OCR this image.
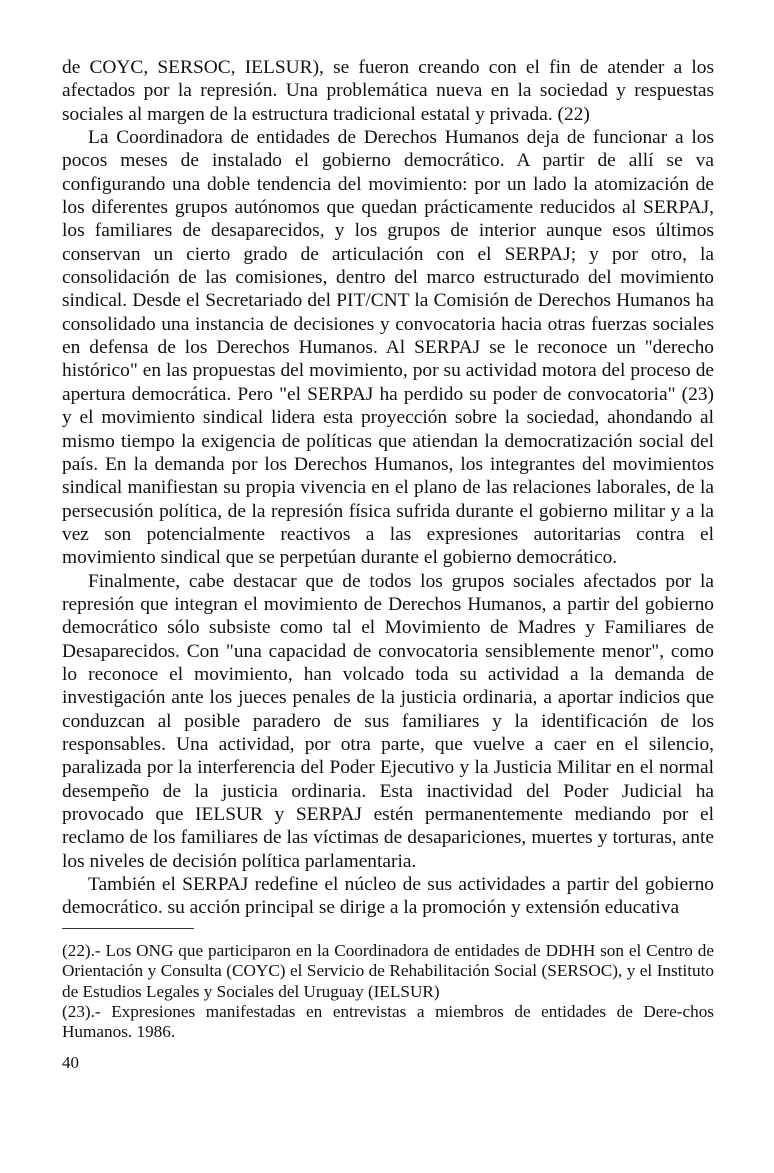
de COYC, SERSOC, IELSUR), se fueron creando con el fin de atender a los afectados por la represión. Una problemática nueva en la sociedad y respuestas sociales al margen de la estructura tradicional estatal y privada. (22)

La Coordinadora de entidades de Derechos Humanos deja de funcionar a los pocos meses de instalado el gobierno democrático. A partir de allí se va configurando una doble tendencia del movimiento: por un lado la atomización de los diferentes grupos autónomos que quedan prácticamente reducidos al SERPAJ, los familiares de desaparecidos, y los grupos de interior aunque esos últimos conservan un cierto grado de articulación con el SERPAJ; y por otro, la consolidación de las comisiones, dentro del marco estructurado del movimiento sindical. Desde el Secretariado del PIT/CNT la Comisión de Derechos Humanos ha consolidado una instancia de decisiones y convocatoria hacia otras fuerzas sociales en defensa de los Derechos Humanos. Al SERPAJ se le reconoce un "derecho histórico" en las propuestas del movimiento, por su actividad motora del proceso de apertura democrática. Pero "el SERPAJ ha perdido su poder de convocatoria" (23) y el movimiento sindical lidera esta proyección sobre la sociedad, ahondando al mismo tiempo la exigencia de políticas que atiendan la democratización social del país. En la demanda por los Derechos Humanos, los integrantes del movimientos sindical manifiestan su propia vivencia en el plano de las relaciones laborales, de la persecusión política, de la represión física sufrida durante el gobierno militar y a la vez son potencialmente reactivos a las expresiones autoritarias contra el movimiento sindical que se perpetúan durante el gobierno democrático.

Finalmente, cabe destacar que de todos los grupos sociales afectados por la represión que integran el movimiento de Derechos Humanos, a partir del gobierno democrático sólo subsiste como tal el Movimiento de Madres y Familiares de Desaparecidos. Con "una capacidad de convocatoria sensiblemente menor", como lo reconoce el movimiento, han volcado toda su actividad a la demanda de investigación ante los jueces penales de la justicia ordinaria, a aportar indicios que conduzcan al posible paradero de sus familiares y la identificación de los responsables. Una actividad, por otra parte, que vuelve a caer en el silencio, paralizada por la interferencia del Poder Ejecutivo y la Justicia Militar en el normal desempeño de la justicia ordinaria. Esta inactividad del Poder Judicial ha provocado que IELSUR y SERPAJ estén permanentemente mediando por el reclamo de los familiares de las víctimas de desapariciones, muertes y torturas, ante los niveles de decisión política parlamentaria.

También el SERPAJ redefine el núcleo de sus actividades a partir del gobierno democrático. su acción principal se dirige a la promoción y extensión educativa

(22).- Los ONG que participaron en la Coordinadora de entidades de DDHH son el Centro de Orientación y Consulta (COYC) el Servicio de Rehabilitación Social (SERSOC), y el Instituto de Estudios Legales y Sociales del Uruguay (IELSUR)

(23).- Expresiones manifestadas en entrevistas a miembros de entidades de Dere-chos Humanos. 1986.

40
